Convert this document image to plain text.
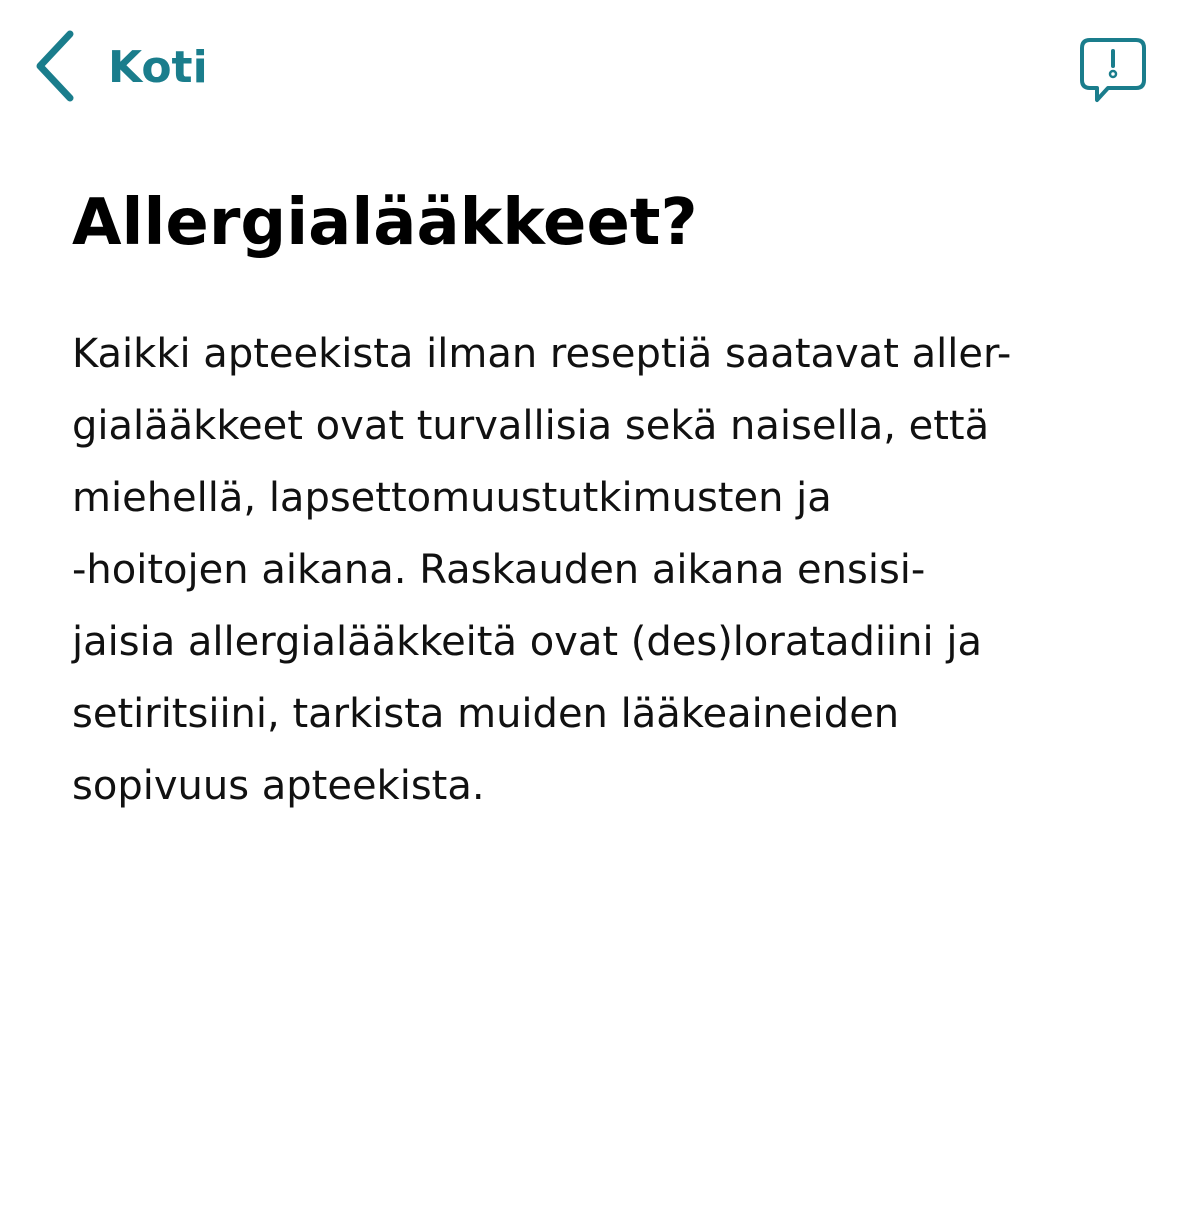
Koti
Allergialääkkeet?
Kaikki apteekista ilman reseptiä saatavat aller-
gialääkkeet ovat turvallisia sekä naisella, että
miehellä, lapsettomuustutkimusten ja
-hoitojen aikana. Raskauden aikana ensisi-
jaisia allergialääkkeitä ovat (des)loratadiini ja
setiritsiini, tarkista muiden lääkeaineiden
sopivuus apteekista.
